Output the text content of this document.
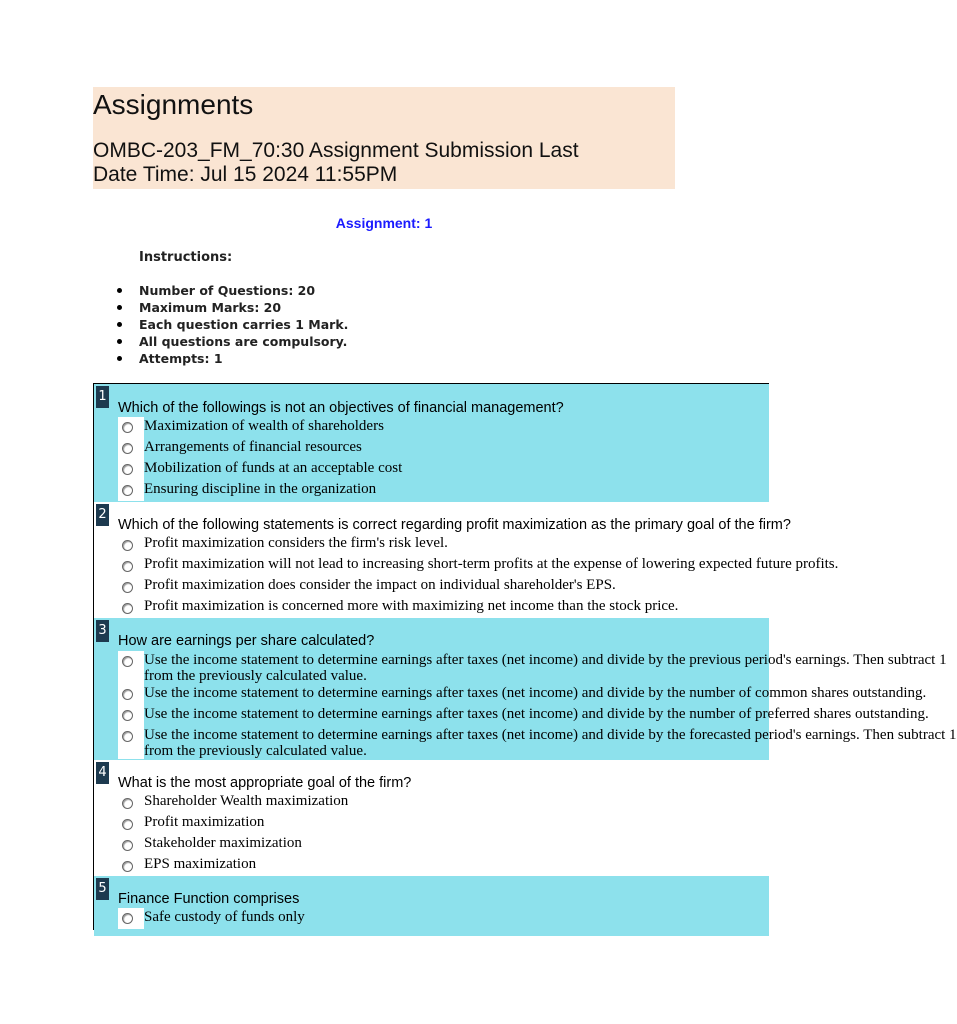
Assignments
OMBC-203_FM_70:30 Assignment Submission Last
Date Time: Jul 15 2024 11:55PM
Assignment: 1
Instructions:
Number of Questions: 20
Maximum Marks: 20
Each question carries 1 Mark.
All questions are compulsory.
Attempts: 1
1
Which of the followings is not an objectives of financial management?
Maximization of wealth of shareholders
Arrangements of financial resources
Mobilization of funds at an acceptable cost
Ensuring discipline in the organization
2
Which of the following statements is correct regarding profit maximization as the primary goal of the firm?
Profit maximization considers the firm's risk level.
Profit maximization will not lead to increasing short-term profits at the expense of lowering expected future profits.
Profit maximization does consider the impact on individual shareholder's EPS.
Profit maximization is concerned more with maximizing net income than the stock price.
3
How are earnings per share calculated?
Use the income statement to determine earnings after taxes (net income) and divide by the previous period's earnings. Then subtract 1
from the previously calculated value.
Use the income statement to determine earnings after taxes (net income) and divide by the number of common shares outstanding.
Use the income statement to determine earnings after taxes (net income) and divide by the number of preferred shares outstanding.
Use the income statement to determine earnings after taxes (net income) and divide by the forecasted period's earnings. Then subtract 1
from the previously calculated value.
4
What is the most appropriate goal of the firm?
Shareholder Wealth maximization
Profit maximization
Stakeholder maximization
EPS maximization
5
Finance Function comprises
Safe custody of funds only
